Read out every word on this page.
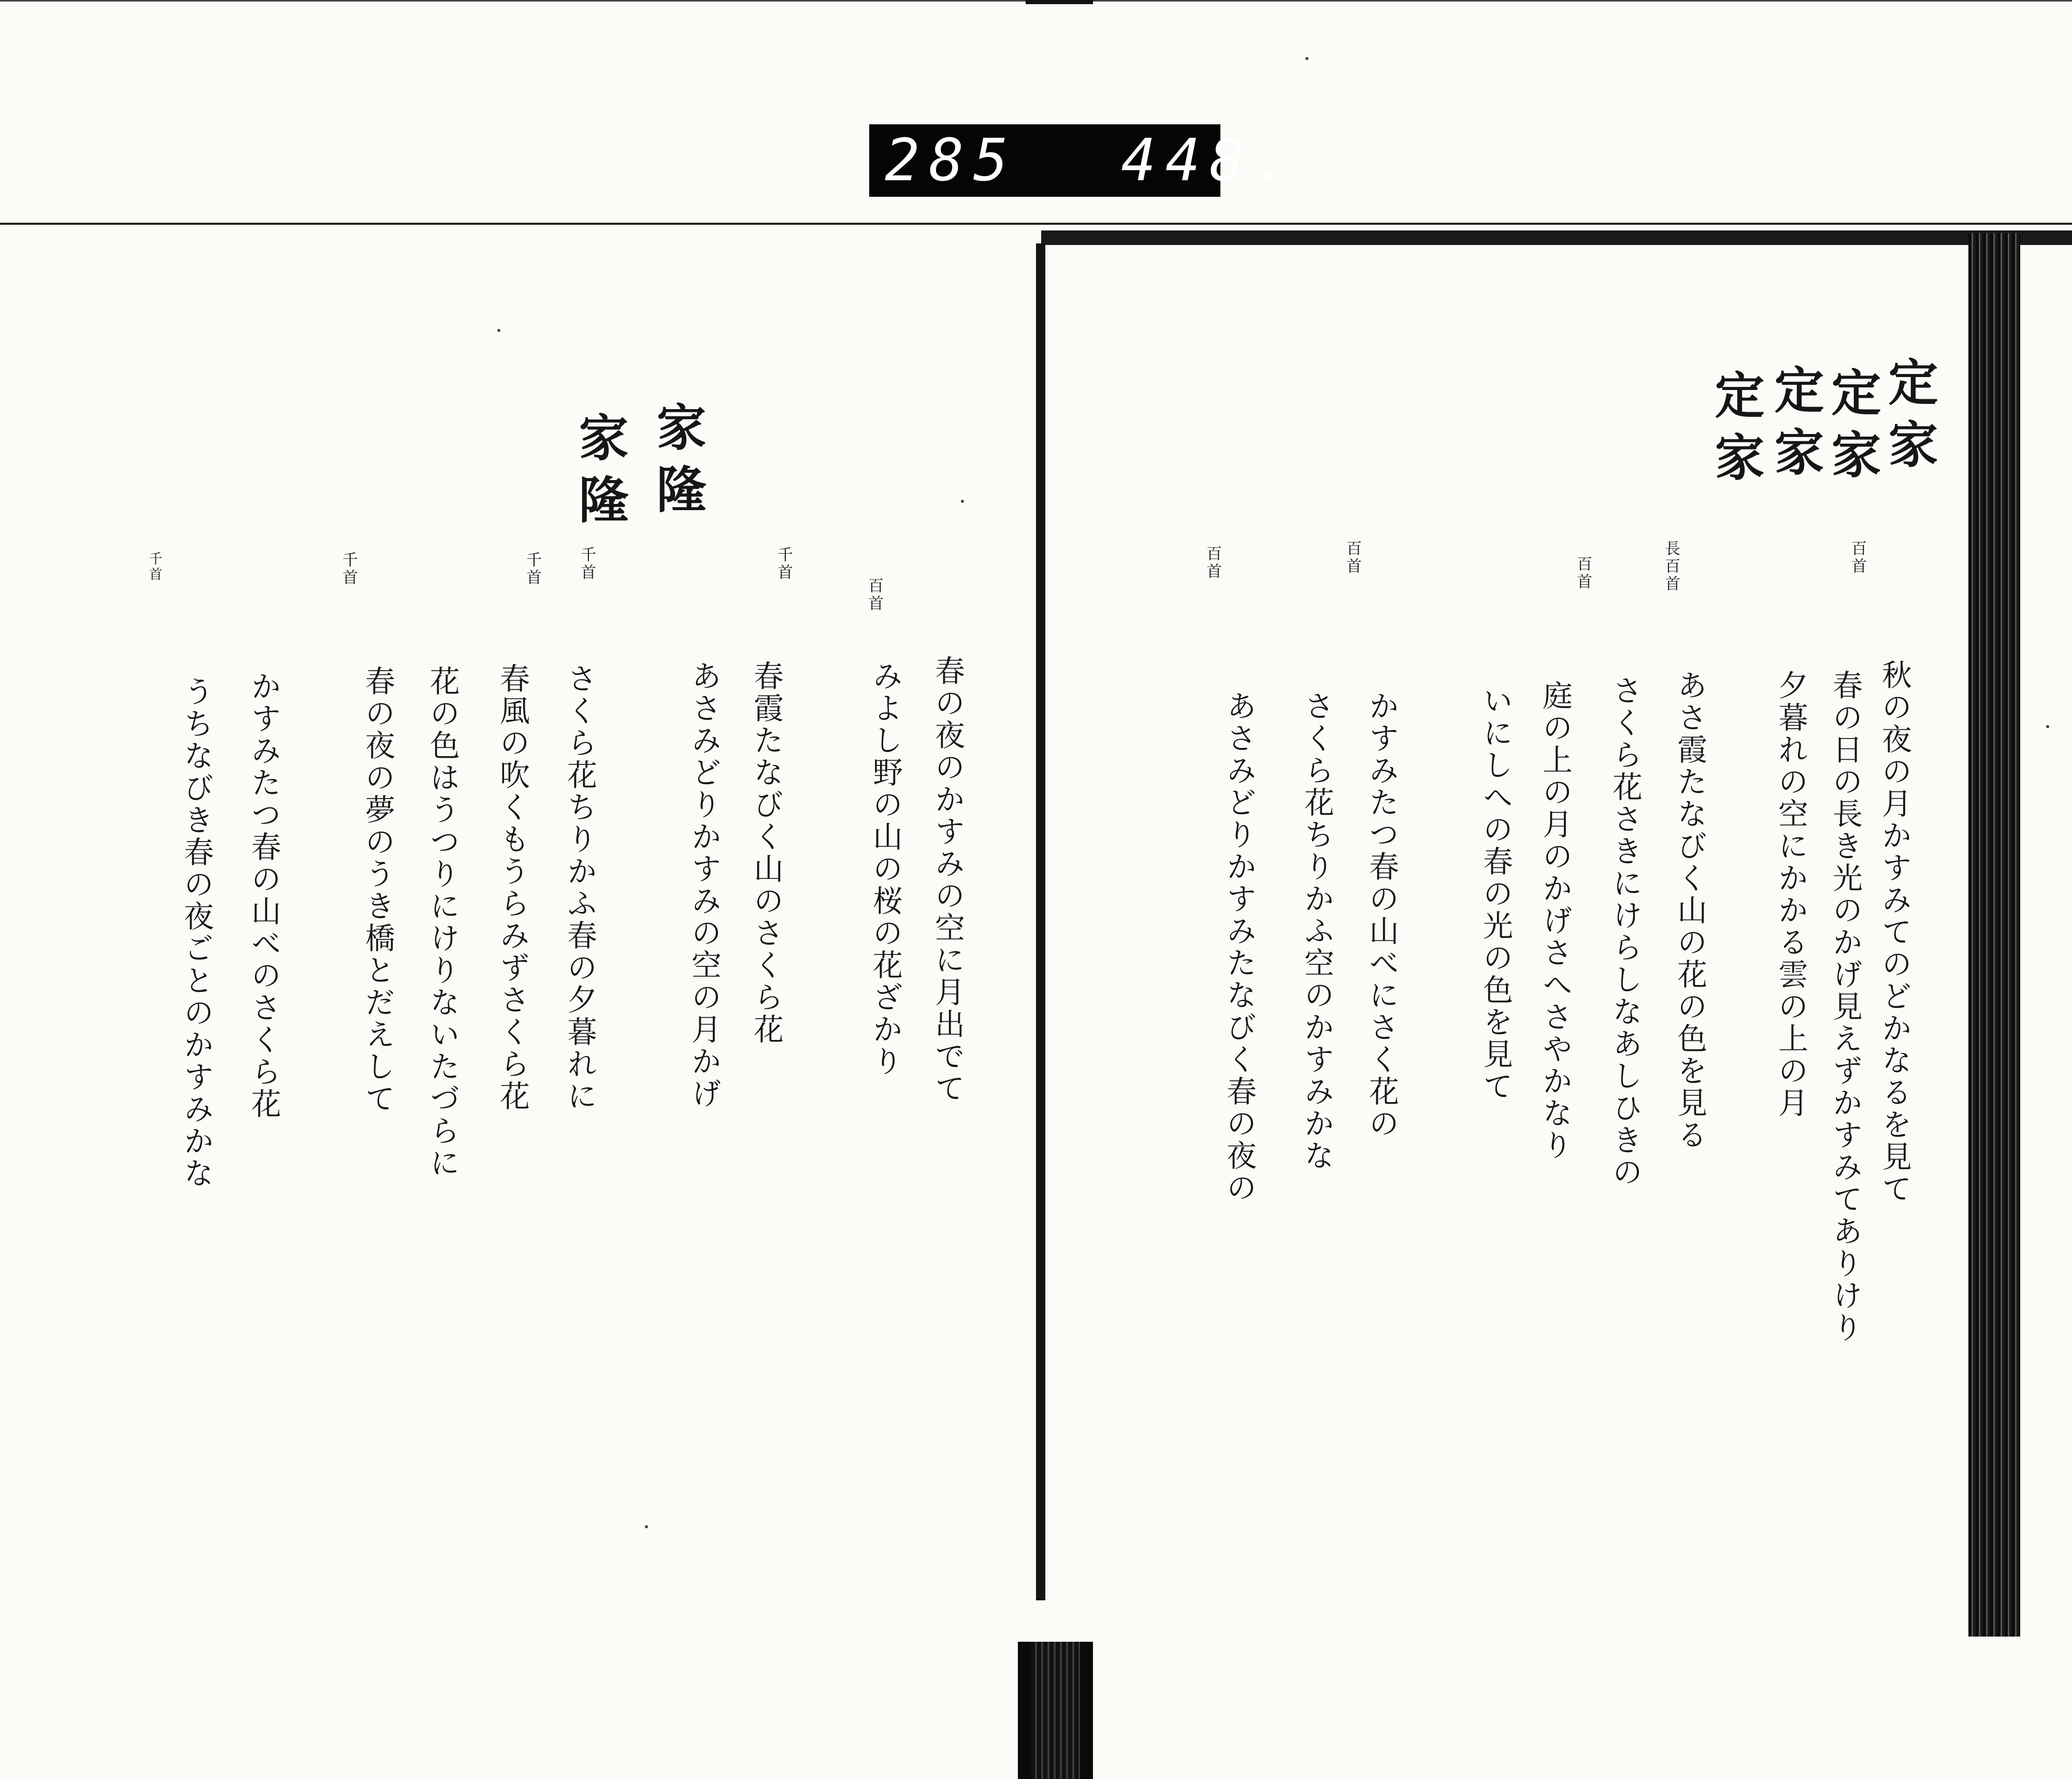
285 448.
定家
定家
定家
定家
百首
長百首
百首
百首
百首
秋の夜の月かすみてのどかなるを見て
春の日の長き光のかげ見えずかすみてありけり
夕暮れの空にかかる雲の上の月
あさ霞たなびく山の花の色を見る
さくら花さきにけらしなあしひきの
庭の上の月のかげさへさやかなり
いにしへの春の光の色を見て
かすみたつ春の山べにさく花の
さくら花ちりかふ空のかすみかな
あさみどりかすみたなびく春の夜の
家隆
家隆
百首
千首
千首
千首
千首
千首
春の夜のかすみの空に月出でて
みよし野の山の桜の花ざかり
春霞たなびく山のさくら花
あさみどりかすみの空の月かげ
さくら花ちりかふ春の夕暮れに
春風の吹くもうらみずさくら花
花の色はうつりにけりないたづらに
春の夜の夢のうき橋とだえして
かすみたつ春の山べのさくら花
うちなびき春の夜ごとのかすみかな
